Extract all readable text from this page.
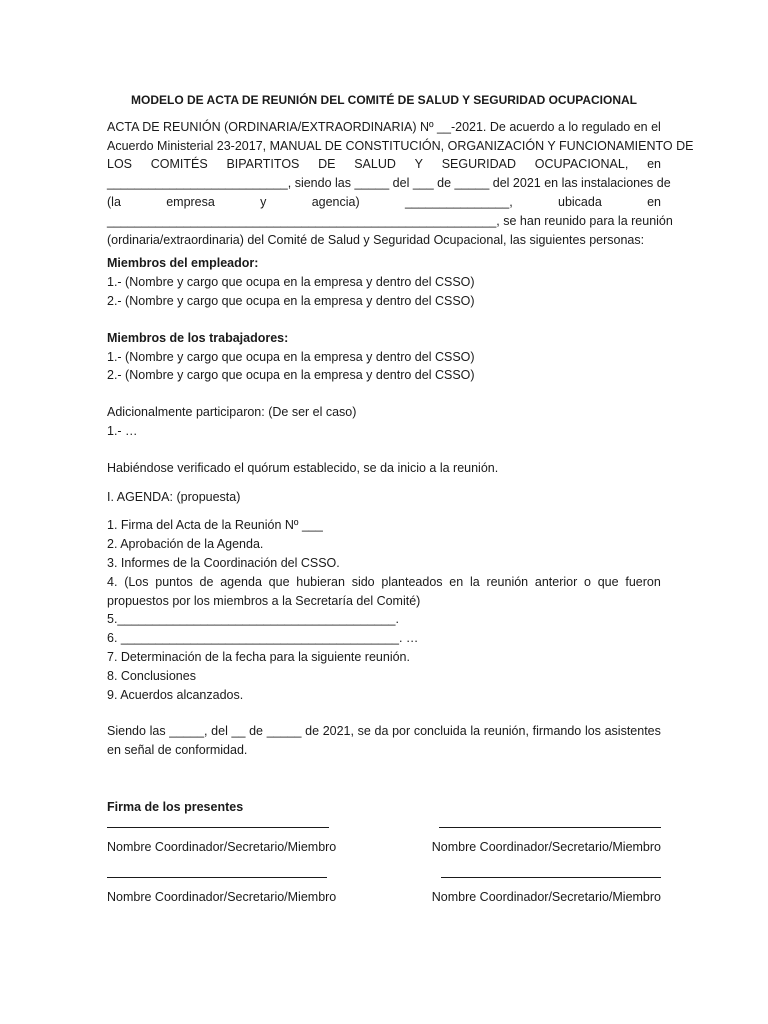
MODELO DE ACTA DE REUNIÓN DEL COMITÉ DE SALUD Y SEGURIDAD OCUPACIONAL

ACTA DE REUNIÓN (ORDINARIA/EXTRAORDINARIA) Nº __-2021. De acuerdo a lo regulado en el

Acuerdo Ministerial 23-2017, MANUAL DE CONSTITUCIÓN, ORGANIZACIÓN Y FUNCIONAMIENTO DE

LOS COMITÉS BIPARTITOS DE SALUD Y SEGURIDAD OCUPACIONAL, en

__________________________, siendo las _____ del ___ de _____ del 2021 en las instalaciones de

(la	empresa	y	agencia)	_______________,	ubicada	en

________________________________________________________, se han reunido para la reunión

(ordinaria/extraordinaria) del Comité de Salud y Seguridad Ocupacional, las siguientes personas:

Miembros del empleador:

1.- (Nombre y cargo que ocupa en la empresa y dentro del CSSO)

2.- (Nombre y cargo que ocupa en la empresa y dentro del CSSO)

Miembros de los trabajadores:

1.- (Nombre y cargo que ocupa en la empresa y dentro del CSSO)

2.- (Nombre y cargo que ocupa en la empresa y dentro del CSSO)

Adicionalmente participaron: (De ser el caso)

1.- …

Habiéndose verificado el quórum establecido, se da inicio a la reunión.

I. AGENDA: (propuesta)

1. Firma del Acta de la Reunión Nº ___

2. Aprobación de la Agenda.

3. Informes de la Coordinación del CSSO.

4. (Los puntos de agenda que hubieran sido planteados en la reunión anterior o que fueron

propuestos por los miembros a la Secretaría del Comité)

5.________________________________________.

6. ________________________________________. …

7. Determinación de la fecha para la siguiente reunión.

8. Conclusiones

9. Acuerdos alcanzados.

Siendo las _____, del __ de _____ de 2021, se da por concluida la reunión, firmando los asistentes

en señal de conformidad.

Firma de los presentes

Nombre Coordinador/Secretario/Miembro	Nombre Coordinador/Secretario/Miembro
Nombre Coordinador/Secretario/Miembro	Nombre Coordinador/Secretario/Miembro
